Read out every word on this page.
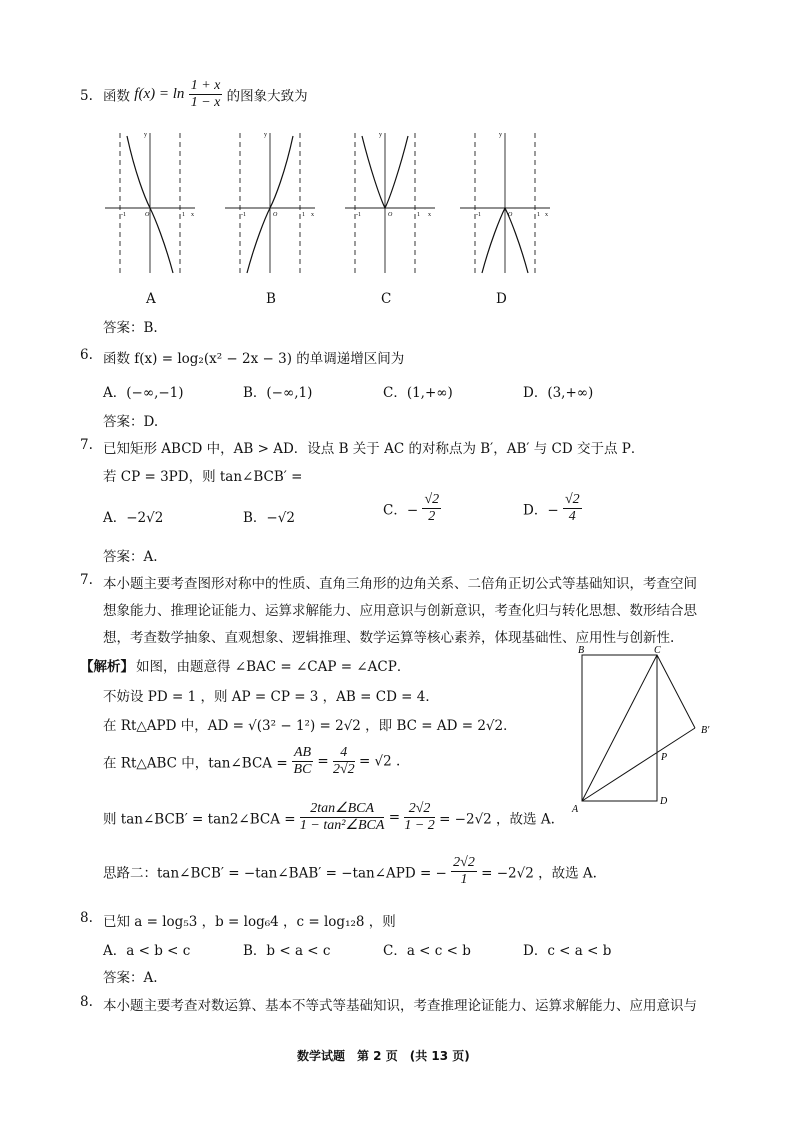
5. 函数 $f(x) = \ln \frac{1 + x}{1 - x}$ 的图象大致为
y
x
O
-1	1
y
x
O
-1	1
y
x
O
-1	1
y
x
O
-1	1
A	B	C	D
答案：B.
6. 函数 f(x) = log₂(x² − 2x − 3) 的单调递增区间为
A．(−∞,−1)	B．(−∞,1)	C．(1,+∞)	D．(3,+∞)
答案：D.
7. 已知矩形 ABCD 中，AB > AD．设点 B 关于 AC 的对称点为 B′，AB′ 与 CD 交于点 P．
若 CP = 3PD，则 tan∠BCB′ =
A．−2√2	B．−√2	C．− $\frac{√2}{2}$	D．− $\frac{√2}{4}$
答案：A.
7. 本小题主要考查图形对称中的性质、直角三角形的边角关系、二倍角正切公式等基础知识，考查空间
想象能力、推理论证能力、运算求解能力、应用意识与创新意识，考查化归与转化思想、数形结合思
想，考查数学抽象、直观想象、逻辑推理、数学运算等核心素养，体现基础性、应用性与创新性.
【解析】 如图，由题意得 ∠BAC = ∠CAP = ∠ACP．
不妨设 PD = 1 ，则 AP = CP = 3 ，AB = CD = 4．
在 Rt△APD 中，AD = √(3² − 1²) = 2√2 ，即 BC = AD = 2√2．
在 Rt△ABC 中，tan∠BCA = $\frac{AB}{BC} = \frac{4}{2√2} = √2$ .
则 tan∠BCB′ = tan2∠BCA = $\frac{\text{2tan∠BCA}}{\text{1 − tan²∠BCA}} = \frac{2√2}{1 - 2} = -2√2$ ，故选 A.
思路二：tan∠BCB′ = −tan∠BAB′ = −tan∠APD = − $\frac{2√2}{1} = -2√2$ ，故选 A.
B	C
B′
P
A
D
8. 已知 a = log₅3 ，b = log₆4 ，c = log₁₂8 ，则
A．a < b < c	B．b < a < c	C．a < c < b	D．c < a < b
答案：A.
8. 本小题主要考查对数运算、基本不等式等基础知识，考查推理论证能力、运算求解能力、应用意识与
数学试题　第 2 页　(共 13 页)
